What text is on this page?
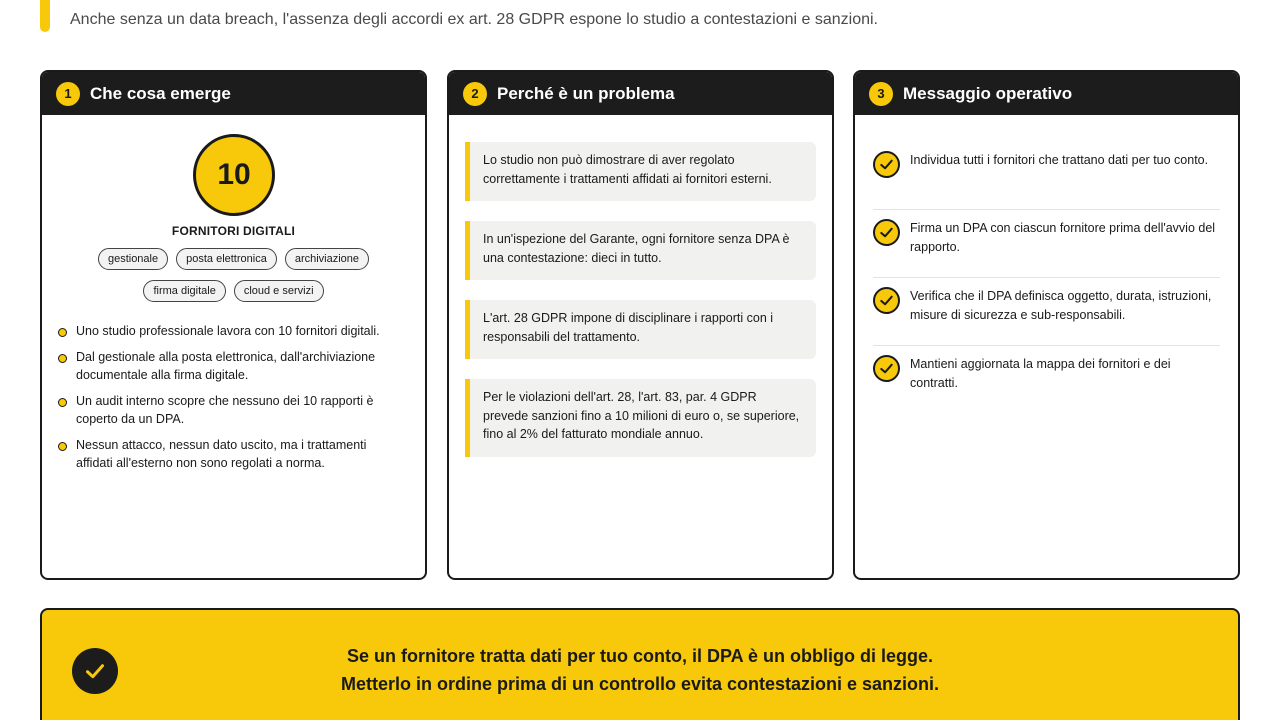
Anche senza un data breach, l'assenza degli accordi ex art. 28 GDPR espone lo studio a contestazioni e sanzioni.
1	Che cosa emerge
10
FORNITORI DIGITALI
gestionale	posta elettronica	archiviazione
firma digitale	cloud e servizi
Uno studio professionale lavora con 10 fornitori digitali.
Dal gestionale alla posta elettronica, dall'archiviazione documentale alla firma digitale.
Un audit interno scopre che nessuno dei 10 rapporti è coperto da un DPA.
Nessun attacco, nessun dato uscito, ma i trattamenti affidati all'esterno non sono regolati a norma.
2	Perché è un problema
Lo studio non può dimostrare di aver regolato correttamente i trattamenti affidati ai fornitori esterni.
In un'ispezione del Garante, ogni fornitore senza DPA è una contestazione: dieci in tutto.
L'art. 28 GDPR impone di disciplinare i rapporti con i responsabili del trattamento.
Per le violazioni dell'art. 28, l'art. 83, par. 4 GDPR prevede sanzioni fino a 10 milioni di euro o, se superiore, fino al 2% del fatturato mondiale annuo.
3	Messaggio operativo
Individua tutti i fornitori che trattano dati per tuo conto.
Firma un DPA con ciascun fornitore prima dell'avvio del rapporto.
Verifica che il DPA definisca oggetto, durata, istruzioni, misure di sicurezza e sub-responsabili.
Mantieni aggiornata la mappa dei fornitori e dei contratti.
Se un fornitore tratta dati per tuo conto, il DPA è un obbligo di legge.
Metterlo in ordine prima di un controllo evita contestazioni e sanzioni.
